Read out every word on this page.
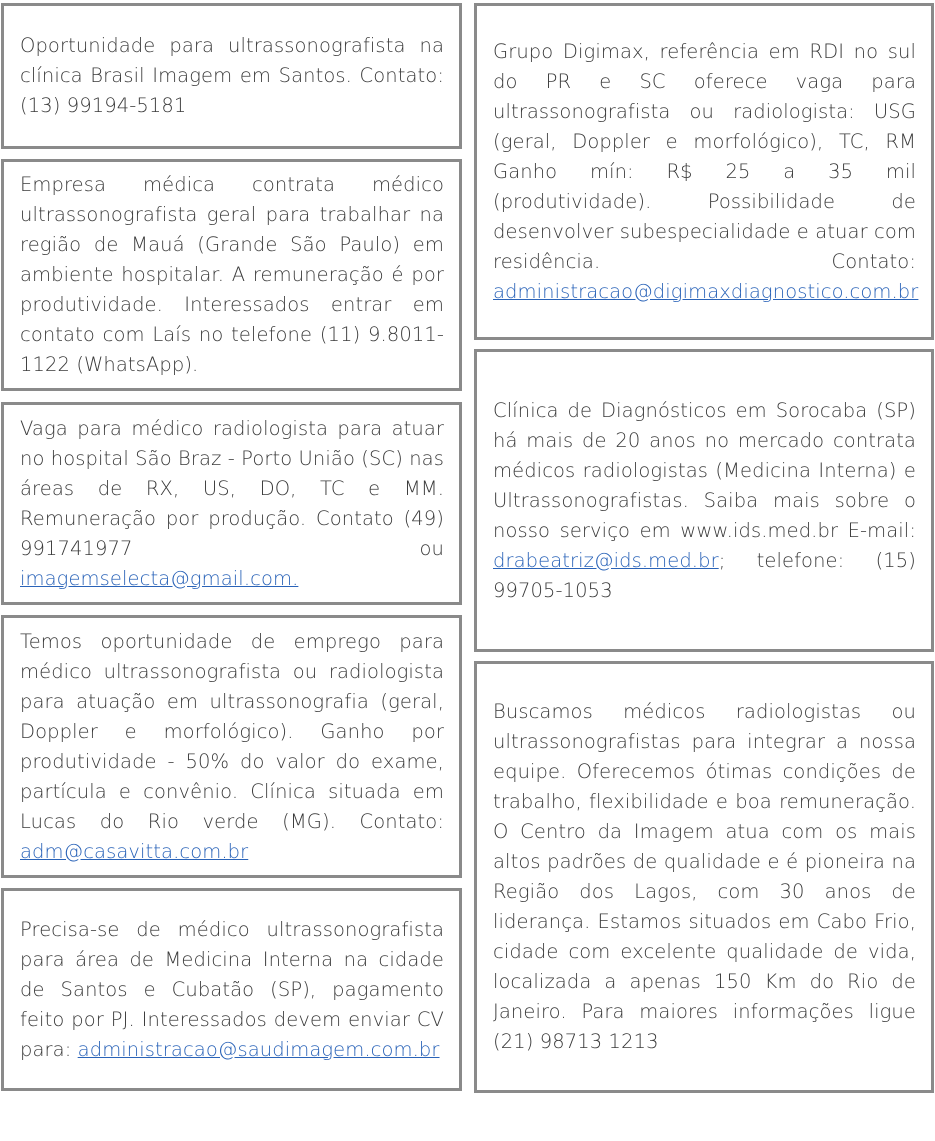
Oportunidade para ultrassonografista na clínica Brasil Imagem em Santos. Contato: (13) 99194-5181

Empresa médica contrata médico ultrassonografista geral para trabalhar na região de Mauá (Grande São Paulo) em ambiente hospitalar. A remuneração é por produtividade. Interessados entrar em contato com Laís no telefone (11) 9.8011-1122 (WhatsApp).

Vaga para médico radiologista para atuar no hospital São Braz - Porto União (SC) nas áreas de RX, US, DO, TC e MM. Remuneração por produção. Contato (49) 991741977 ou imagemselecta@gmail.com.

Temos oportunidade de emprego para médico ultrassonografista ou radiologista para atuação em ultrassonografia (geral, Doppler e morfológico). Ganho por produtividade - 50% do valor do exame, partícula e convênio. Clínica situada em Lucas do Rio verde (MG). Contato: adm@casavitta.com.br

Precisa-se de médico ultrassonografista para área de Medicina Interna na cidade de Santos e Cubatão (SP), pagamento feito por PJ. Interessados devem enviar CV para: administracao@saudimagem.com.br

Grupo Digimax, referência em RDI no sul do PR e SC oferece vaga para ultrassonografista ou radiologista: USG (geral, Doppler e morfológico), TC, RM Ganho mín: R$ 25 a 35 mil (produtividade). Possibilidade de desenvolver subespecialidade e atuar com residência. Contato: administracao@digimaxdiagnostico.com.br

Clínica de Diagnósticos em Sorocaba (SP) há mais de 20 anos no mercado contrata médicos radiologistas (Medicina Interna) e Ultrassonografistas. Saiba mais sobre o nosso serviço em www.ids.med.br E-mail: drabeatriz@ids.med.br; telefone: (15) 99705-1053

Buscamos médicos radiologistas ou ultrassonografistas para integrar a nossa equipe. Oferecemos ótimas condições de trabalho, flexibilidade e boa remuneração. O Centro da Imagem atua com os mais altos padrões de qualidade e é pioneira na Região dos Lagos, com 30 anos de liderança. Estamos situados em Cabo Frio, cidade com excelente qualidade de vida, localizada a apenas 150 Km do Rio de Janeiro. Para maiores informações ligue (21) 98713 1213
